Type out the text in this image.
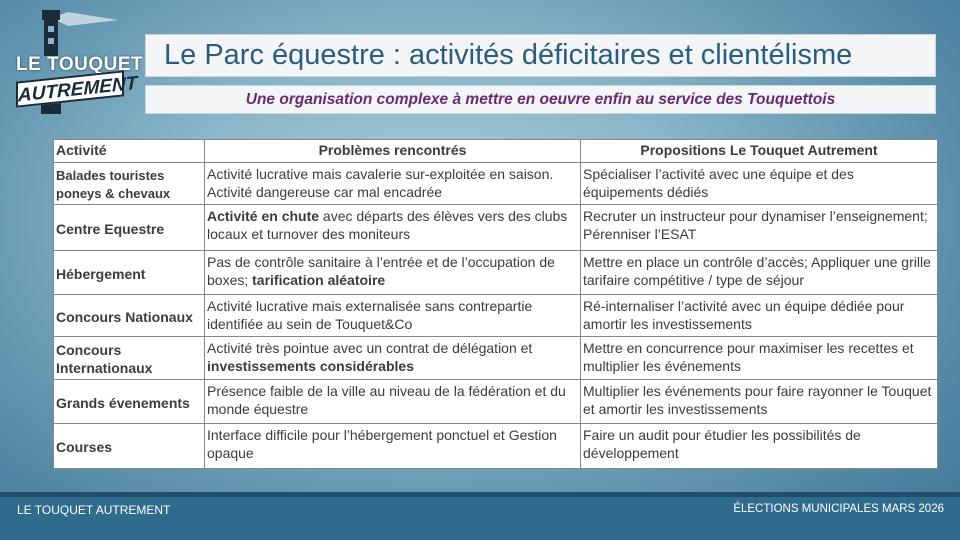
LE TOUQUET
AUTREMENT
Le Parc équestre : activités déficitaires et clientélisme
Une organisation complexe à mettre en oeuvre enfin au service des Touquettois
Activité	Problèmes rencontrés	Propositions Le Touquet Autrement
Balades touristes poneys & chevaux	Activité lucrative mais cavalerie sur-exploitée en saison. Activité dangereuse car mal encadrée	Spécialiser l’activité avec une équipe et des équipements dédiés
Centre Equestre	Activité en chute avec départs des élèves vers des clubs locaux et turnover des moniteurs	Recruter un instructeur pour dynamiser l’enseignement; Pérenniser l’ESAT
Hébergement	Pas de contrôle sanitaire à l’entrée et de l’occupation de boxes; tarification aléatoire	Mettre en place un contrôle d’accès; Appliquer une grille tarifaire compétitive / type de séjour
Concours Nationaux	Activité lucrative mais externalisée sans contrepartie identifiée au sein de Touquet&Co	Ré-internaliser l’activité avec un équipe dédiée pour amortir les investissements
Concours Internationaux	Activité très pointue avec un contrat de délégation et investissements considérables	Mettre en concurrence pour maximiser les recettes et multiplier les événements
Grands évenements	Présence faible de la ville au niveau de la fédération et du monde équestre	Multiplier les événements pour faire rayonner le Touquet et amortir les investissements
Courses	Interface difficile pour l’hébergement ponctuel et Gestion opaque	Faire un audit pour étudier les possibilités de développement
LE TOUQUET AUTREMENT	ÉLECTIONS MUNICIPALES MARS 2026
